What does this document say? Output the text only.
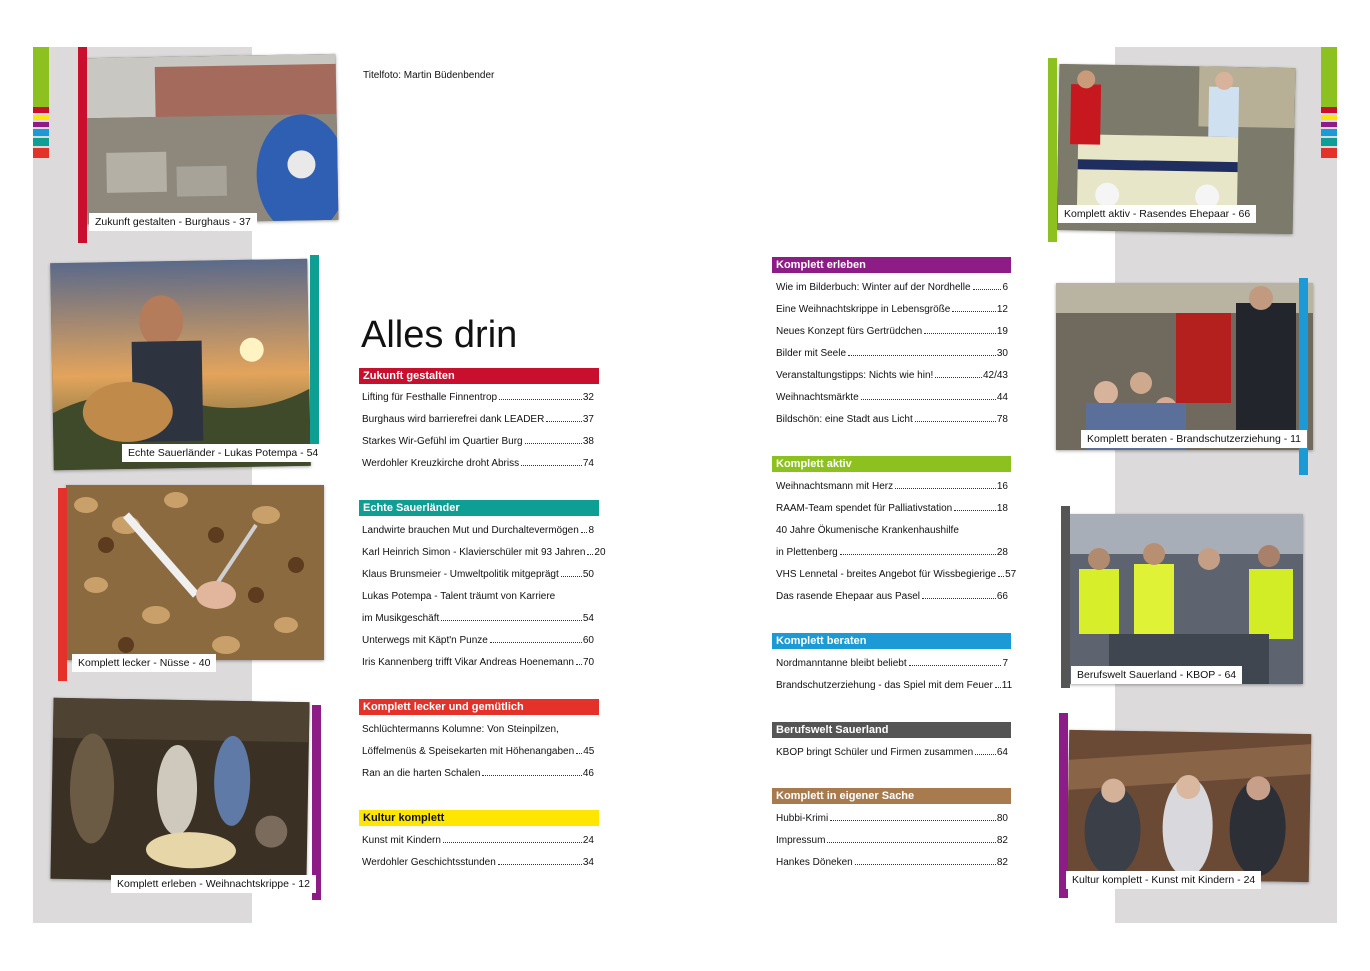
Zukunft gestalten - Burghaus - 37
Echte Sauerländer - Lukas Potempa - 54
Komplett lecker - Nüsse - 40
Komplett erleben - Weihnachtskrippe - 12
Komplett aktiv - Rasendes Ehepaar - 66
Komplett beraten - Brandschutzerziehung - 11
Berufswelt Sauerland - KBOP - 64
Kultur komplett - Kunst mit Kindern - 24
Titelfoto: Martin Büdenbender
Alles drin
Zukunft gestalten
Lifting für Festhalle Finnentrop	32
Burghaus wird barrierefrei dank LEADER	37
Starkes Wir-Gefühl im Quartier Burg	38
Werdohler Kreuzkirche droht Abriss	74
Echte Sauerländer
Landwirte brauchen Mut und Durchaltevermögen 8
Karl Heinrich Simon - Klavierschüler mit 93 Jahren 20
Klaus Brunsmeier - Umweltpolitik mitgeprägt 50
Lukas Potempa - Talent träumt von Karriere
im Musikgeschäft	54
Unterwegs mit Käpt'n Punze	60
Iris Kannenberg trifft Vikar Andreas Hoenemann 70
Komplett lecker und gemütlich
Schlüchtermanns Kolumne: Von Steinpilzen,
Löffelmenüs & Speisekarten mit Höhenangaben 45
Ran an die harten Schalen	46
Kultur komplett
Kunst mit Kindern	24
Werdohler Geschichtsstunden	34
Komplett erleben
Wie im Bilderbuch: Winter auf der Nordhelle	6
Eine Weihnachtskrippe in Lebensgröße	12
Neues Konzept fürs Gertrüdchen	19
Bilder mit Seele	30
Veranstaltungstipps: Nichts wie hin!	42/43
Weihnachtsmärkte	44
Bildschön: eine Stadt aus Licht	78
Komplett aktiv
Weihnachtsmann mit Herz	16
RAAM-Team spendet für Palliativstation	18
40 Jahre Ökumenische Krankenhaushilfe
in Plettenberg	28
VHS Lennetal - breites Angebot für Wissbegierige 57
Das rasende Ehepaar aus Pasel	66
Komplett beraten
Nordmanntanne bleibt beliebt	7
Brandschutzerziehung - das Spiel mit dem Feuer 11
Berufswelt Sauerland
KBOP bringt Schüler und Firmen zusammen 64
Komplett in eigener Sache
Hubbi-Krimi	80
Impressum	82
Hankes Döneken	82
